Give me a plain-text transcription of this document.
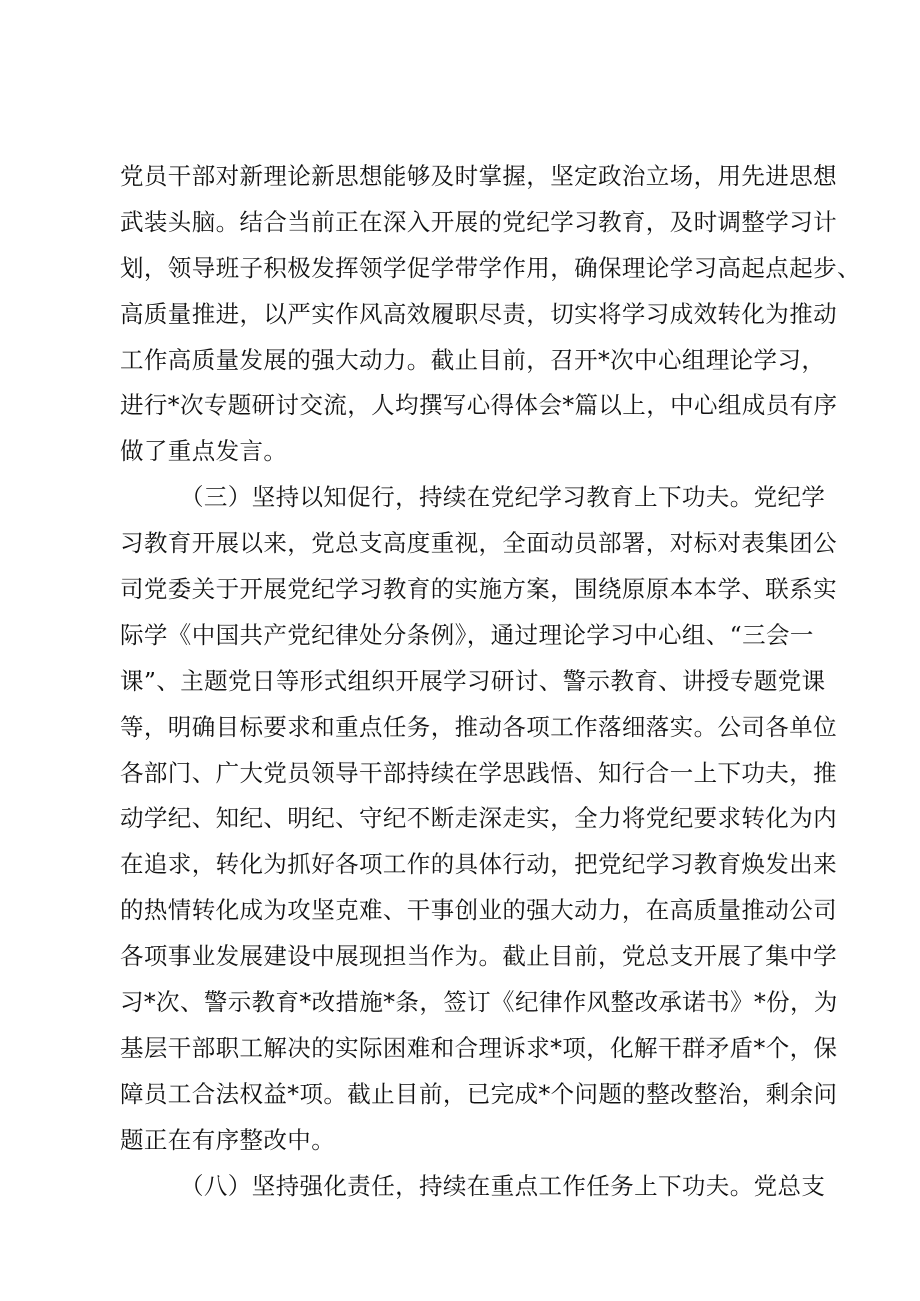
党员干部对新理论新思想能够及时掌握，坚定政治立场，用先进思想
武装头脑。结合当前正在深入开展的党纪学习教育，及时调整学习计
划，领导班子积极发挥领学促学带学作用，确保理论学习高起点起步、
高质量推进，以严实作风高效履职尽责，切实将学习成效转化为推动
工作高质量发展的强大动力。截止目前，召开*次中心组理论学习，
进行*次专题研讨交流，人均撰写心得体会*篇以上，中心组成员有序
做了重点发言。
（三）坚持以知促行，持续在党纪学习教育上下功夫。党纪学
习教育开展以来，党总支高度重视，全面动员部署，对标对表集团公
司党委关于开展党纪学习教育的实施方案，围绕原原本本学、联系实
际学《中国共产党纪律处分条例》，通过理论学习中心组、“三会一
课”、主题党日等形式组织开展学习研讨、警示教育、讲授专题党课
等，明确目标要求和重点任务，推动各项工作落细落实。公司各单位
各部门、广大党员领导干部持续在学思践悟、知行合一上下功夫，推
动学纪、知纪、明纪、守纪不断走深走实，全力将党纪要求转化为内
在追求，转化为抓好各项工作的具体行动，把党纪学习教育焕发出来
的热情转化成为攻坚克难、干事创业的强大动力，在高质量推动公司
各项事业发展建设中展现担当作为。截止目前，党总支开展了集中学
习*次、警示教育*改措施*条，签订《纪律作风整改承诺书》*份，为
基层干部职工解决的实际困难和合理诉求*项，化解干群矛盾*个，保
障员工合法权益*项。截止目前，已完成*个问题的整改整治，剩余问
题正在有序整改中。
（八）坚持强化责任，持续在重点工作任务上下功夫。党总支
